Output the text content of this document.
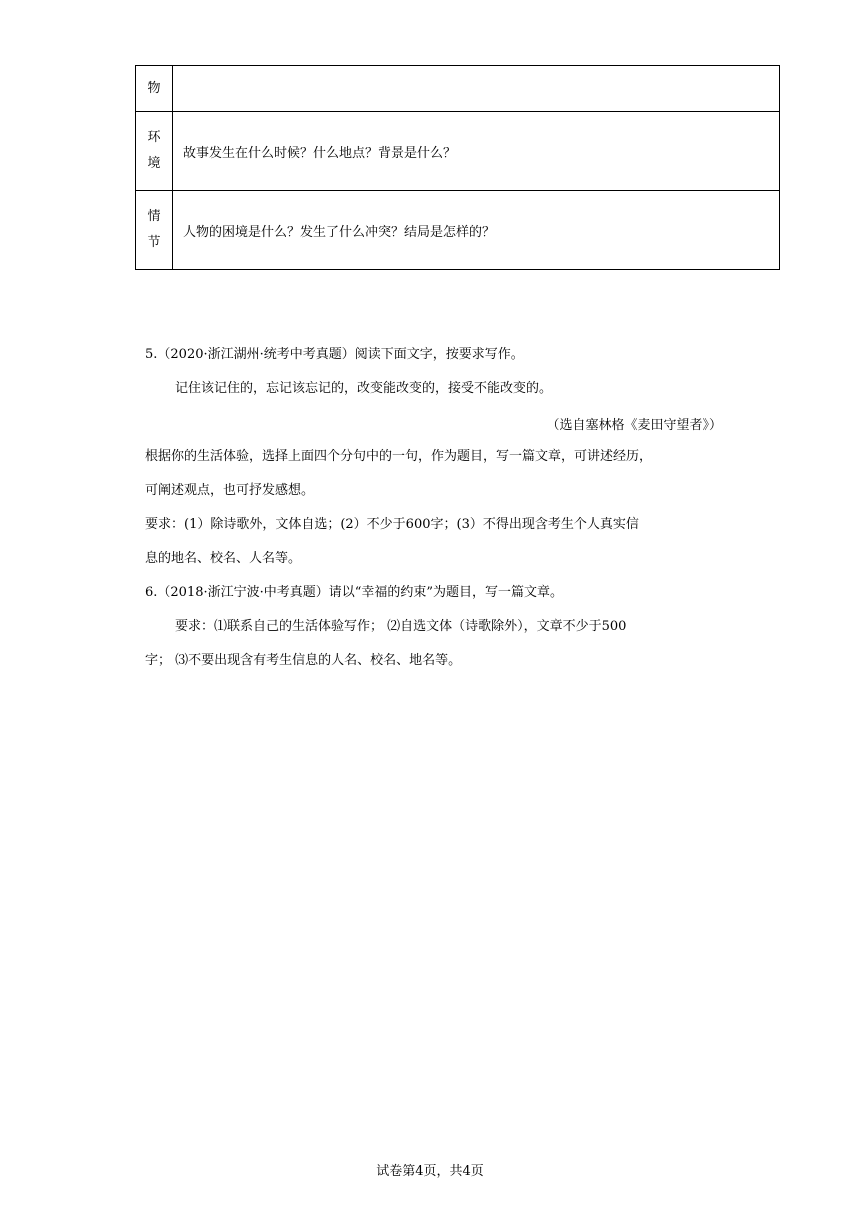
物	

环
境	故事发生在什么时候？什么地点？背景是什么？

情
节	人物的困境是什么？发生了什么冲突？结局是怎样的？
5.（2020·浙江湖州·统考中考真题）阅读下面文字，按要求写作。
记住该记住的，忘记该忘记的，改变能改变的，接受不能改变的。
（选自塞林格《麦田守望者》）
根据你的生活体验，选择上面四个分句中的一句，作为题目，写一篇文章，可讲述经历，
可阐述观点，也可抒发感想。
要求：(1）除诗歌外，文体自选；(2）不少于600字；(3）不得出现含考生个人真实信
息的地名、校名、人名等。
6.（2018·浙江宁波·中考真题）请以“幸福的约束”为题目，写一篇文章。
要求：⑴联系自己的生活体验写作； ⑵自选文体（诗歌除外），文章不少于500
字； ⑶不要出现含有考生信息的人名、校名、地名等。
试卷第4页，共4页
